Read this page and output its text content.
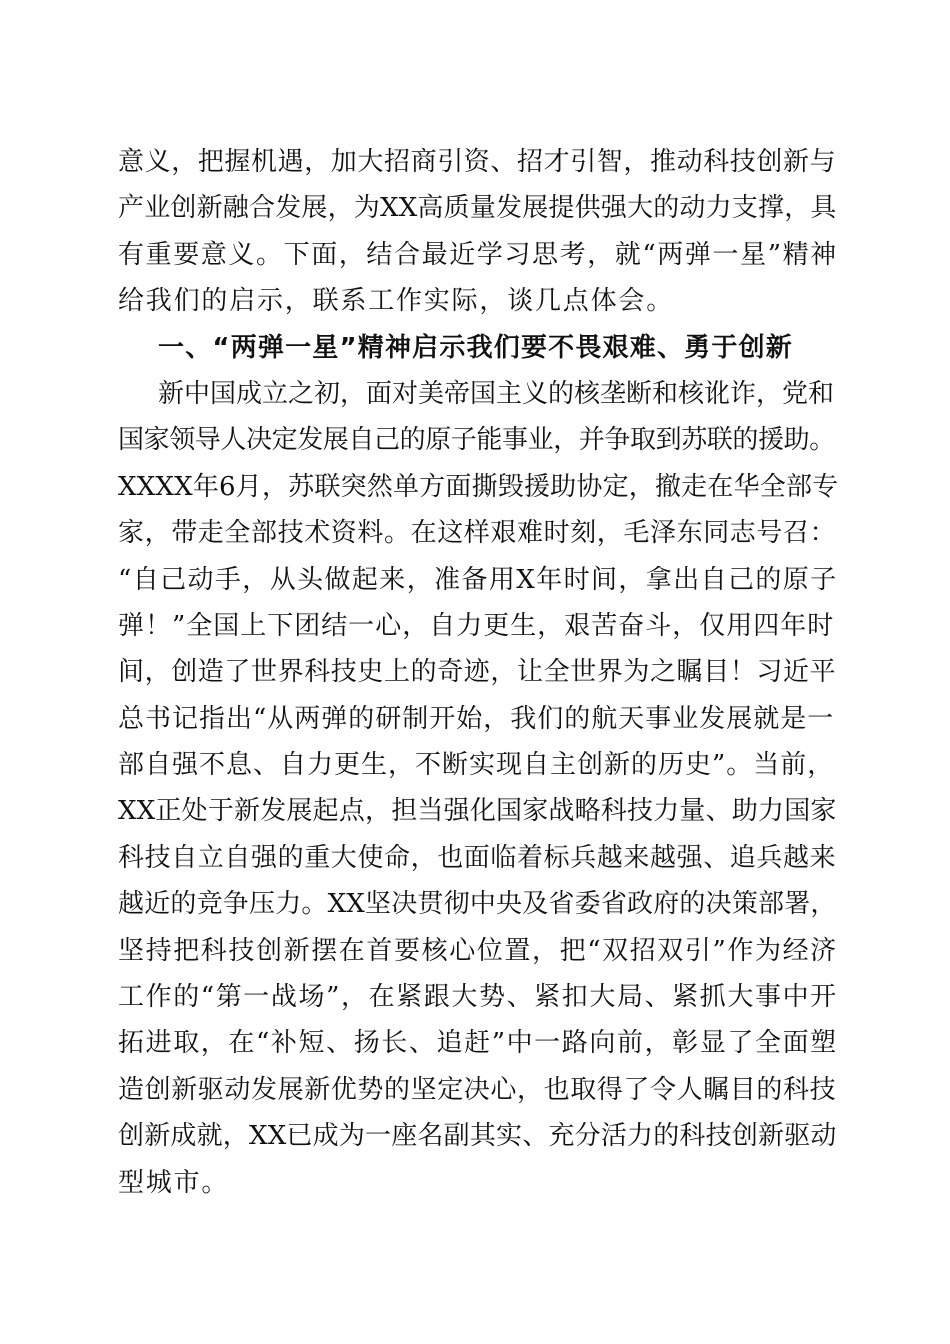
意义，把握机遇，加大招商引资、招才引智，推动科技创新与
产业创新融合发展，为XX高质量发展提供强大的动力支撑，具
有重要意义。下面，结合最近学习思考，就“两弹一星”精神
给我们的启示，联系工作实际，谈几点体会。
一、“两弹一星”精神启示我们要不畏艰难、勇于创新
新中国成立之初，面对美帝国主义的核垄断和核讹诈，党和
国家领导人决定发展自己的原子能事业，并争取到苏联的援助。
XXXX年6月，苏联突然单方面撕毁援助协定，撤走在华全部专
家，带走全部技术资料。在这样艰难时刻，毛泽东同志号召：
“自己动手，从头做起来，准备用X年时间，拿出自己的原子
弹！”全国上下团结一心，自力更生，艰苦奋斗，仅用四年时
间，创造了世界科技史上的奇迹，让全世界为之瞩目！习近平
总书记指出“从两弹的研制开始，我们的航天事业发展就是一
部自强不息、自力更生，不断实现自主创新的历史”。当前，
XX正处于新发展起点，担当强化国家战略科技力量、助力国家
科技自立自强的重大使命，也面临着标兵越来越强、追兵越来
越近的竞争压力。XX坚决贯彻中央及省委省政府的决策部署，
坚持把科技创新摆在首要核心位置，把“双招双引”作为经济
工作的“第一战场”，在紧跟大势、紧扣大局、紧抓大事中开
拓进取，在“补短、扬长、追赶”中一路向前，彰显了全面塑
造创新驱动发展新优势的坚定决心，也取得了令人瞩目的科技
创新成就，XX已成为一座名副其实、充分活力的科技创新驱动
型城市。
